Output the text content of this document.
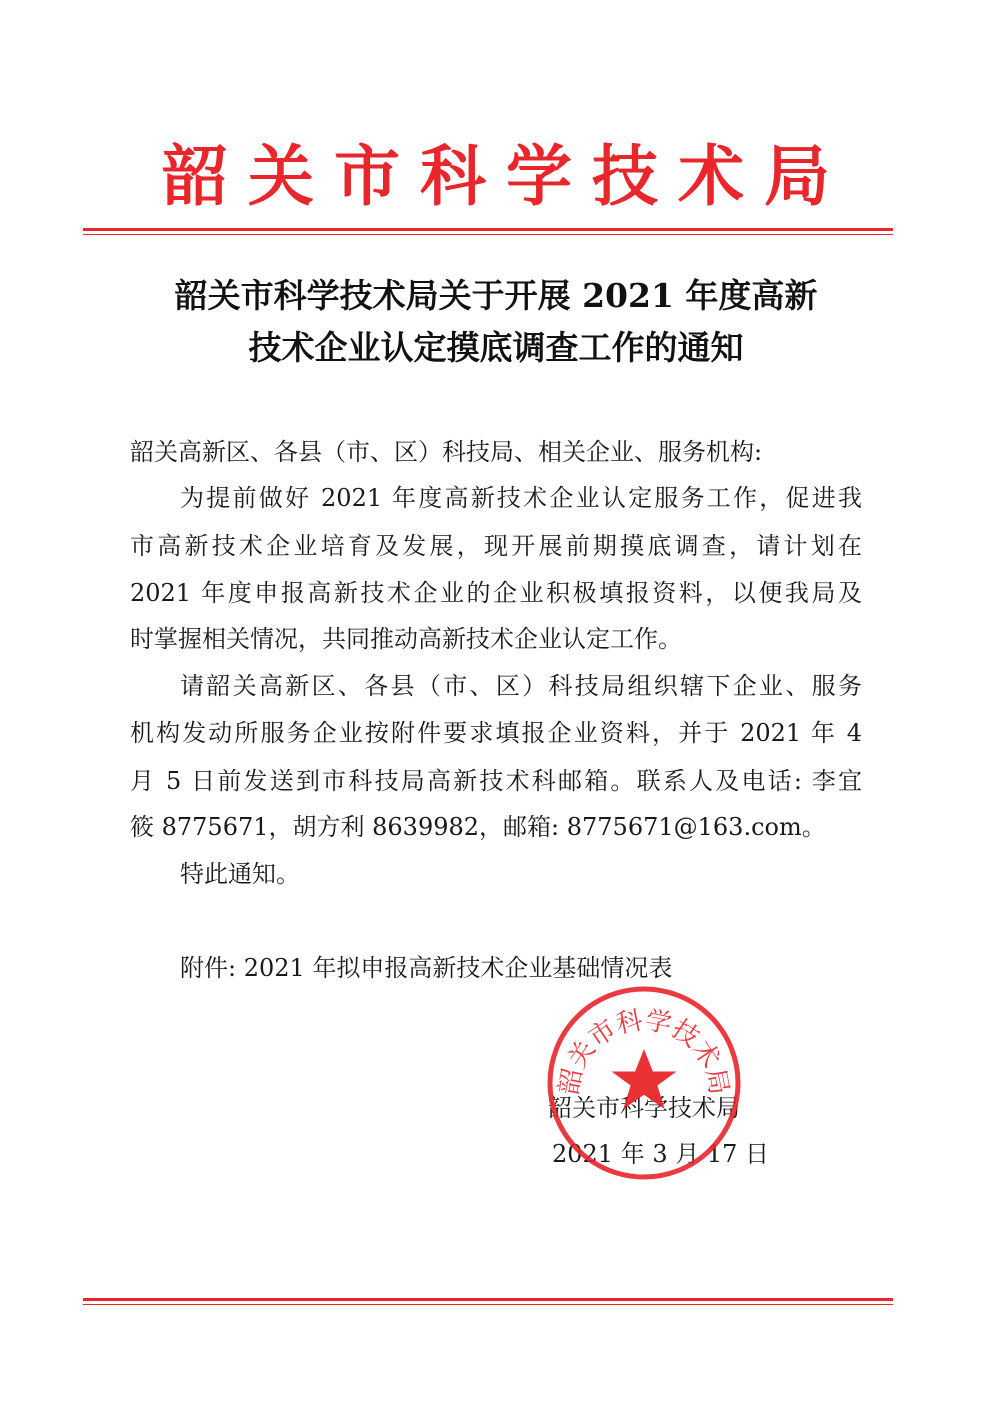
韶关市科学技术局
韶关市科学技术局关于开展 2021 年度高新
技术企业认定摸底调查工作的通知
韶关高新区、各县（市、区）科技局、相关企业、服务机构:
为提前做好 2021 年度高新技术企业认定服务工作，促进我
市高新技术企业培育及发展，现开展前期摸底调查，请计划在
2021 年度申报高新技术企业的企业积极填报资料，以便我局及
时掌握相关情况，共同推动高新技术企业认定工作。
请韶关高新区、各县（市、区）科技局组织辖下企业、服务
机构发动所服务企业按附件要求填报企业资料，并于 2021 年 4
月 5 日前发送到市科技局高新技术科邮箱。联系人及电话: 李宜
筱 8775671，胡方利 8639982，邮箱: 8775671@163.com。
特此通知。
附件: 2021 年拟申报高新技术企业基础情况表
韶关市科学技术局
2021 年 3 月 17 日
韶关市科学技术局
